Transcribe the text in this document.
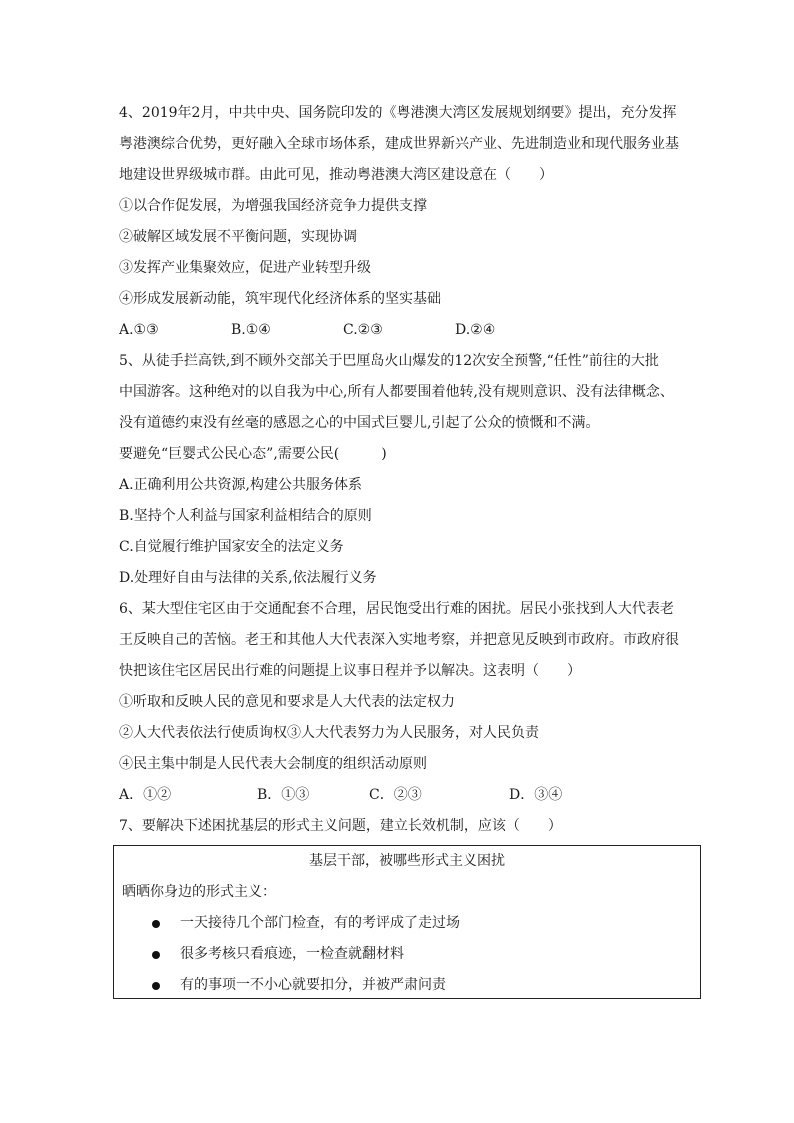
4、2019年2月，中共中央、国务院印发的《粤港澳大湾区发展规划纲要》提出，充分发挥
粤港澳综合优势，更好融入全球市场体系，建成世界新兴产业、先进制造业和现代服务业基
地建设世界级城市群。由此可见，推动粤港澳大湾区建设意在（　　）
①以合作促发展，为增强我国经济竞争力提供支撑
②破解区域发展不平衡问题，实现协调
③发挥产业集聚效应，促进产业转型升级
④形成发展新动能，筑牢现代化经济体系的坚实基础
A.①③	B.①④	C.②③	D.②④
5、从徒手拦高铁,到不顾外交部关于巴厘岛火山爆发的12次安全预警,“任性”前往的大批
中国游客。这种绝对的以自我为中心,所有人都要围着他转,没有规则意识、没有法律概念、
没有道德约束没有丝毫的感恩之心的中国式巨婴儿,引起了公众的愤慨和不满。
要避免“巨婴式公民心态”,需要公民(　　　)
A.正确利用公共资源,构建公共服务体系
B.坚持个人利益与国家利益相结合的原则
C.自觉履行维护国家安全的法定义务
D.处理好自由与法律的关系,依法履行义务
6、某大型住宅区由于交通配套不合理，居民饱受出行难的困扰。居民小张找到人大代表老
王反映自己的苦恼。老王和其他人大代表深入实地考察，并把意见反映到市政府。市政府很
快把该住宅区居民出行难的问题提上议事日程并予以解决。这表明（　　）
①听取和反映人民的意见和要求是人大代表的法定权力
②人大代表依法行使质询权③人大代表努力为人民服务，对人民负责
④民主集中制是人民代表大会制度的组织活动原则
A．①②	B．①③	C．②③	D．③④
7、要解决下述困扰基层的形式主义问题，建立长效机制，应该（　　）
基层干部，被哪些形式主义困扰
晒晒你身边的形式主义：
一天接待几个部门检查，有的考评成了走过场
很多考核只看痕迹，一检查就翻材料
有的事项一不小心就要扣分，并被严肃问责
